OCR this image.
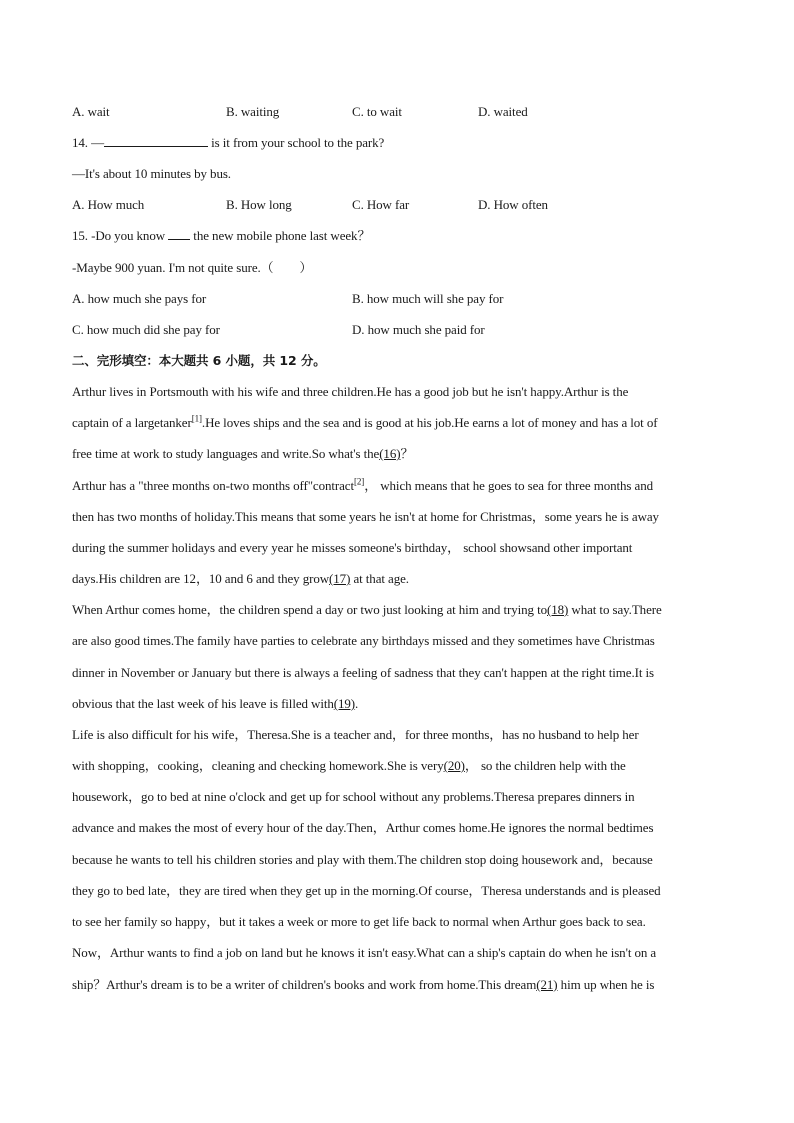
A. wait	B. waiting	C. to wait	D. waited
14. —	is it from your school to the park?
—It's about 10 minutes by bus.
A. How much	B. How long	C. How far	D. How often
15. -Do you know  the new mobile phone last week？
-Maybe 900 yuan. I'm not quite sure.（　　）
A. how much she pays for	B. how much will she pay for
C. how much did she pay for	D. how much she paid for
二、完形填空：本大题共 6 小题，共 12 分。
Arthur lives in Portsmouth with his wife and three children.He has a good job but he isn't happy.Arthur is the
captain of a largetanker[1].He loves ships and the sea and is good at his job.He earns a lot of money and has a lot of
free time at work to study languages and write.So what's the(16)？
Arthur has a "three months on-two months off"contract[2]， which means that he goes to sea for three months and
then has two months of holiday.This means that some years he isn't at home for Christmas，some years he is away
during the summer holidays and every year he misses someone's birthday， school showsand other important
days.His children are 12，10 and 6 and they grow(17) at that age.
When Arthur comes home，the children spend a day or two just looking at him and trying to(18) what to say.There
are also good times.The family have parties to celebrate any birthdays missed and they sometimes have Christmas
dinner in November or January but there is always a feeling of sadness that they can't happen at the right time.It is
obvious that the last week of his leave is filled with(19).
Life is also difficult for his wife，Theresa.She is a teacher and，for three months，has no husband to help her
with shopping，cooking，cleaning and checking homework.She is very(20)， so the children help with the
housework，go to bed at nine o'clock and get up for school without any problems.Theresa prepares dinners in
advance and makes the most of every hour of the day.Then，Arthur comes home.He ignores the normal bedtimes
because he wants to tell his children stories and play with them.The children stop doing housework and，because
they go to bed late，they are tired when they get up in the morning.Of course，Theresa understands and is pleased
to see her family so happy，but it takes a week or more to get life back to normal when Arthur goes back to sea.
Now，Arthur wants to find a job on land but he knows it isn't easy.What can a ship's captain do when he isn't on a
ship？Arthur's dream is to be a writer of children's books and work from home.This dream(21) him up when he is
